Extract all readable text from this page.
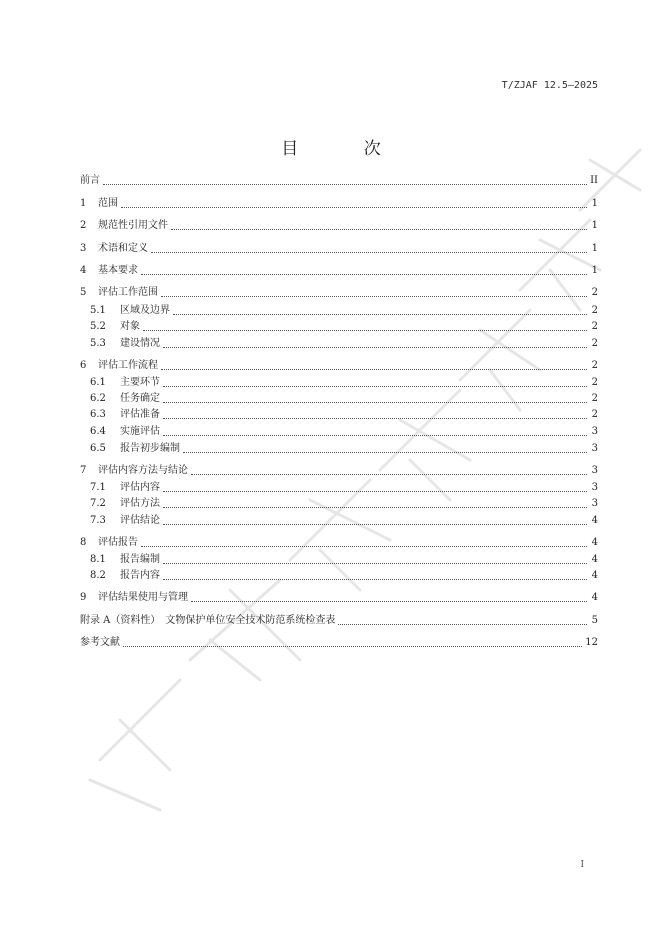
T/ZJAF 12.5—2025
目 次
前言	II
1	范围	1
2	规范性引用文件	1
3	术语和定义	1
4	基本要求	1
5	评估工作范围	2
5.1	区域及边界	2
5.2	对象	2
5.3	建设情况	2
6	评估工作流程	2
6.1	主要环节	2
6.2	任务确定	2
6.3	评估准备	2
6.4	实施评估	3
6.5	报告初步编制	3
7	评估内容方法与结论	3
7.1	评估内容	3
7.2	评估方法	3
7.3	评估结论	4
8	评估报告	4
8.1	报告编制	4
8.2	报告内容	4
9	评估结果使用与管理	4
附录 A（资料性）　文物保护单位安全技术防范系统检查表	5
参考文献	12
I
